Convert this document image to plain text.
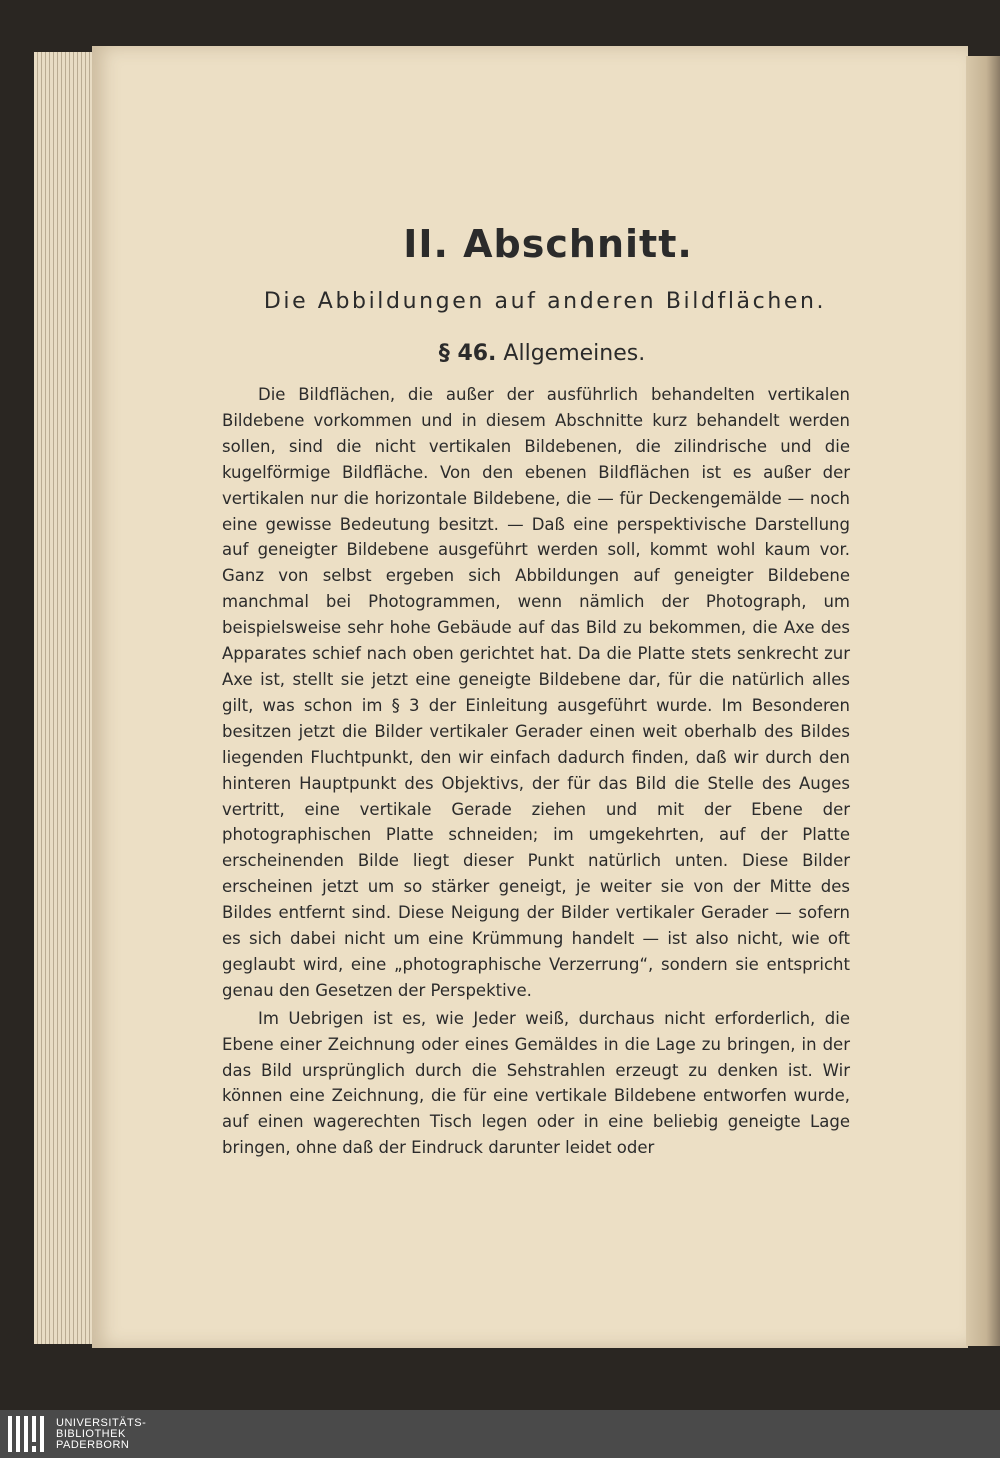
II. Abschnitt.
Die Abbildungen auf anderen Bildflächen.
§ 46. Allgemeines.

Die Bildflächen, die außer der ausführlich behandelten vertikalen Bildebene vorkommen und in diesem Abschnitte kurz behandelt werden sollen, sind die nicht vertikalen Bildebenen, die zilindrische und die kugelförmige Bildfläche. Von den ebenen Bildflächen ist es außer der vertikalen nur die horizontale Bildebene, die — für Deckengemälde — noch eine gewisse Bedeutung besitzt. — Daß eine perspektivische Darstellung auf geneigter Bildebene ausgeführt werden soll, kommt wohl kaum vor. Ganz von selbst ergeben sich Abbildungen auf geneigter Bildebene manchmal bei Photogrammen, wenn nämlich der Photograph, um beispielsweise sehr hohe Gebäude auf das Bild zu bekommen, die Axe des Apparates schief nach oben gerichtet hat. Da die Platte stets senkrecht zur Axe ist, stellt sie jetzt eine geneigte Bildebene dar, für die natürlich alles gilt, was schon im § 3 der Einleitung ausgeführt wurde. Im Besonderen besitzen jetzt die Bilder vertikaler Gerader einen weit oberhalb des Bildes liegenden Fluchtpunkt, den wir einfach dadurch finden, daß wir durch den hinteren Hauptpunkt des Objektivs, der für das Bild die Stelle des Auges vertritt, eine vertikale Gerade ziehen und mit der Ebene der photographischen Platte schneiden; im umgekehrten, auf der Platte erscheinenden Bilde liegt dieser Punkt natürlich unten. Diese Bilder erscheinen jetzt um so stärker geneigt, je weiter sie von der Mitte des Bildes entfernt sind. Diese Neigung der Bilder vertikaler Gerader — sofern es sich dabei nicht um eine Krümmung handelt — ist also nicht, wie oft geglaubt wird, eine „photographische Verzerrung“, sondern sie entspricht genau den Gesetzen der Perspektive.

Im Uebrigen ist es, wie Jeder weiß, durchaus nicht erforderlich, die Ebene einer Zeichnung oder eines Gemäldes in die Lage zu bringen, in der das Bild ursprünglich durch die Sehstrahlen erzeugt zu denken ist. Wir können eine Zeichnung, die für eine vertikale Bildebene entworfen wurde, auf einen wagerechten Tisch legen oder in eine beliebig geneigte Lage bringen, ohne daß der Eindruck darunter leidet oder

UNIVERSITÄTS-
BIBLIOTHEK
PADERBORN
